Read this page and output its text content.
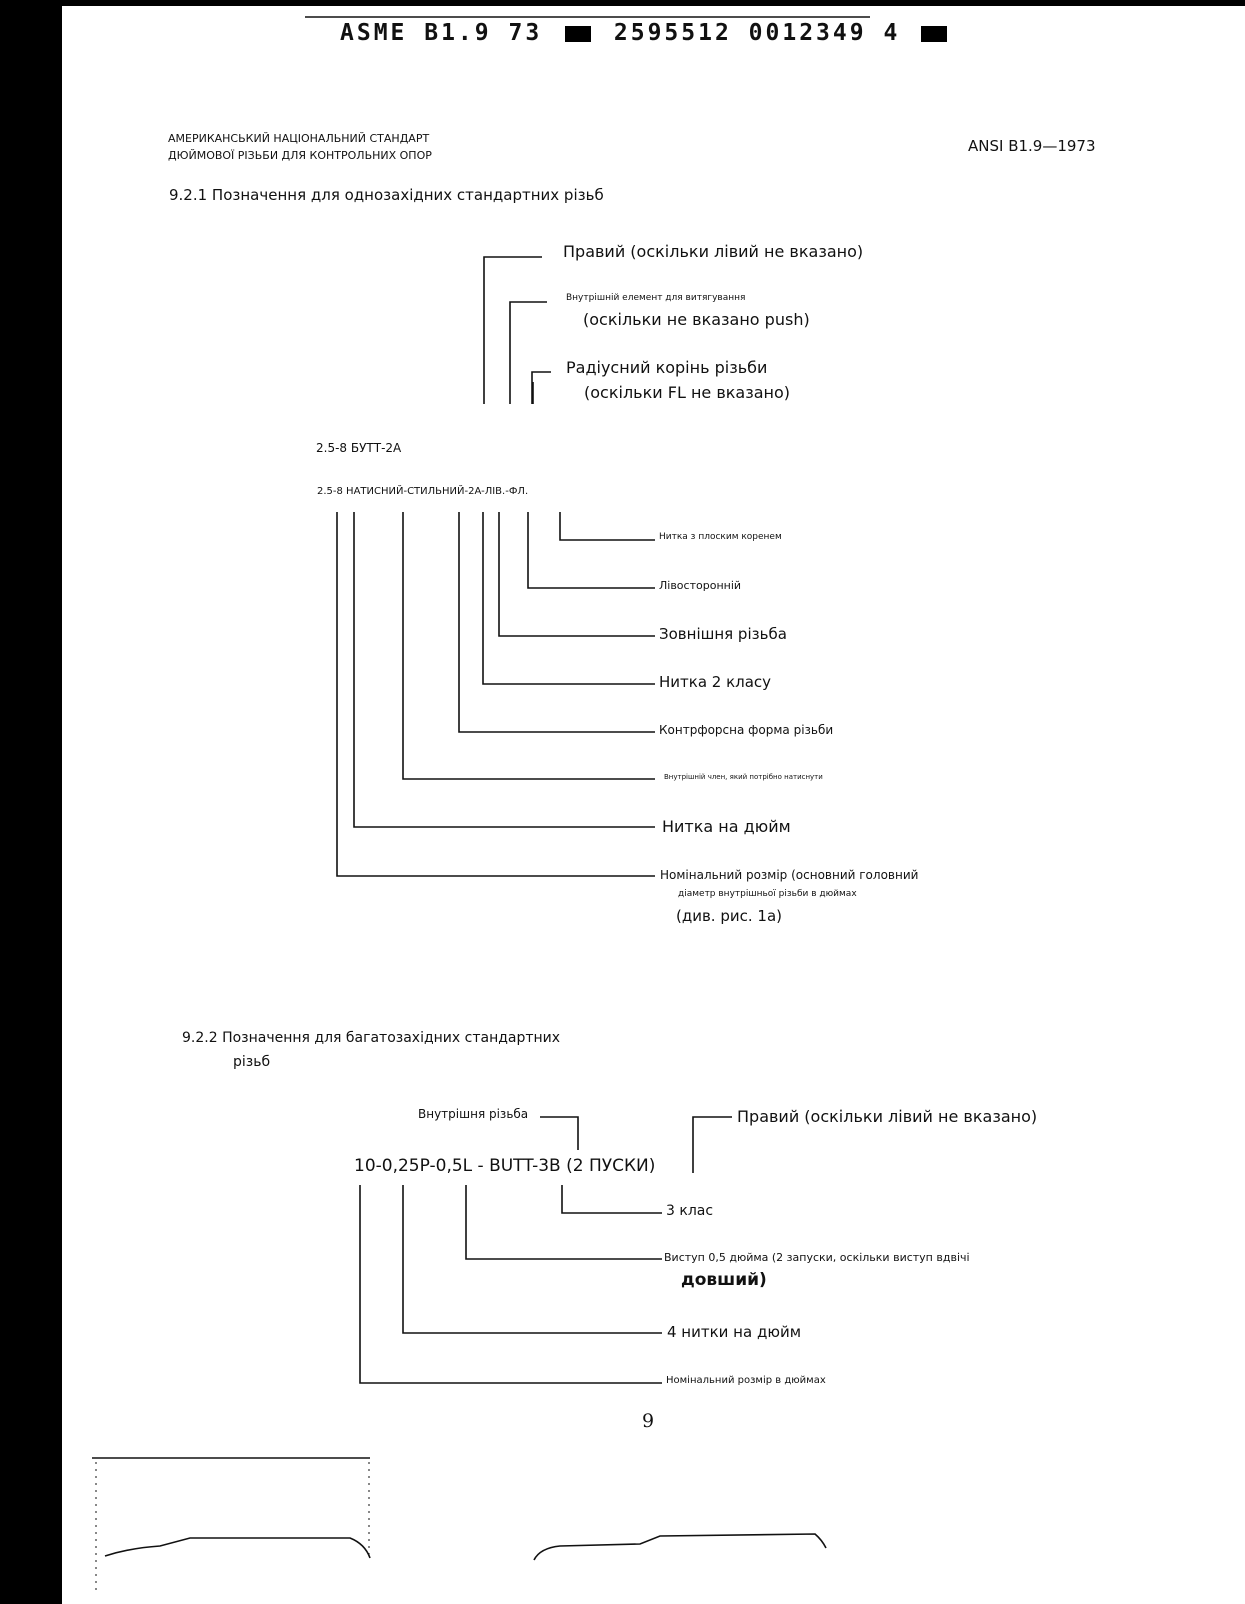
ASME B1.9 73	2595512 0012349 4
АМЕРИКАНСЬКИЙ НАЦІОНАЛЬНИЙ СТАНДАРТ
ДЮЙМОВОЇ РІЗЬБИ ДЛЯ КОНТРОЛЬНИХ ОПОР
ANSI B1.9—1973
9.2.1 Позначення для однозахідних стандартних різьб
Правий (оскільки лівий не вказано)
Внутрішній елемент для витягування
(оскільки не вказано push)
Радіусний корінь різьби
(оскільки FL не вказано)
2.5-8 БУТТ-2A
2.5-8 НАТИСНИЙ-СТИЛЬНИЙ-2A-ЛІВ.-ФЛ.
Нитка з плоским коренем
Лівосторонній
Зовнішня різьба
Нитка 2 класу
Контрфорсна форма різьби
Внутрішній член, який потрібно натиснути
Нитка на дюйм
Номінальний розмір (основний головний
діаметр внутрішньої різьби в дюймах
(див. рис. 1а)
9.2.2 Позначення для багатозахідних стандартних
різьб
Внутрішня різьба	Правий (оскільки лівий не вказано)
10-0,25P-0,5L - BUTT-3B (2 ПУСКИ)
3 клас
Виступ 0,5 дюйма (2 запуски, оскільки виступ вдвічі
довший)
4 нитки на дюйм
Номінальний розмір в дюймах
9
